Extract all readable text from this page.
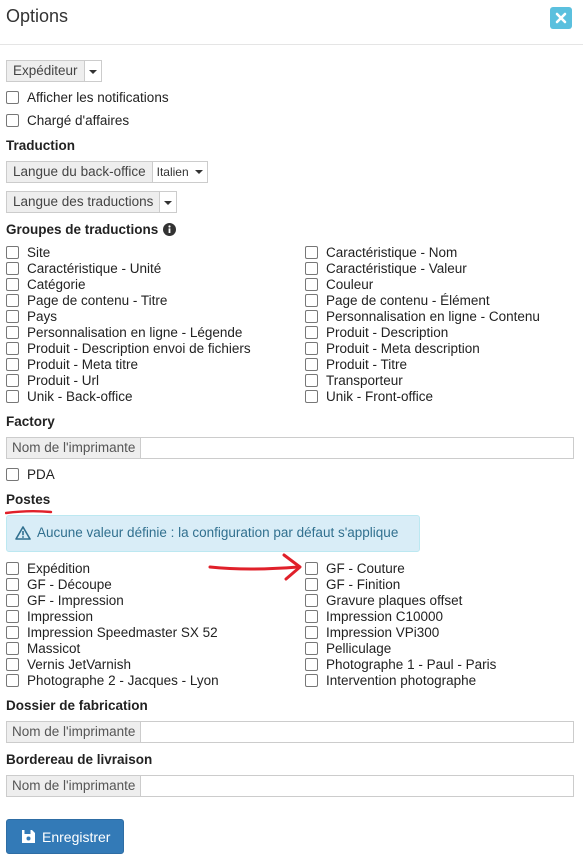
Options
Expéditeur
Afficher les notifications
Chargé d'affaires
Traduction
Langue du back-office Italien
Langue des traductions
Groupes de traductions
Site
Caractéristique - Unité
Catégorie
Page de contenu - Titre
Pays
Personnalisation en ligne - Légende
Produit - Description envoi de fichiers
Produit - Meta titre
Produit - Url
Unik - Back-office
Caractéristique - Nom
Caractéristique - Valeur
Couleur
Page de contenu - Élément
Personnalisation en ligne - Contenu
Produit - Description
Produit - Meta description
Produit - Titre
Transporteur
Unik - Front-office
Factory
Nom de l'imprimante
PDA
Postes
Aucune valeur définie : la configuration par défaut s'applique
Expédition
GF - Découpe
GF - Impression
Impression
Impression Speedmaster SX 52
Massicot
Vernis JetVarnish
Photographe 2 - Jacques - Lyon
GF - Couture
GF - Finition
Gravure plaques offset
Impression C10000
Impression VPi300
Pelliculage
Photographe 1 - Paul - Paris
Intervention photographe
Dossier de fabrication
Nom de l'imprimante
Bordereau de livraison
Nom de l'imprimante
Enregistrer
